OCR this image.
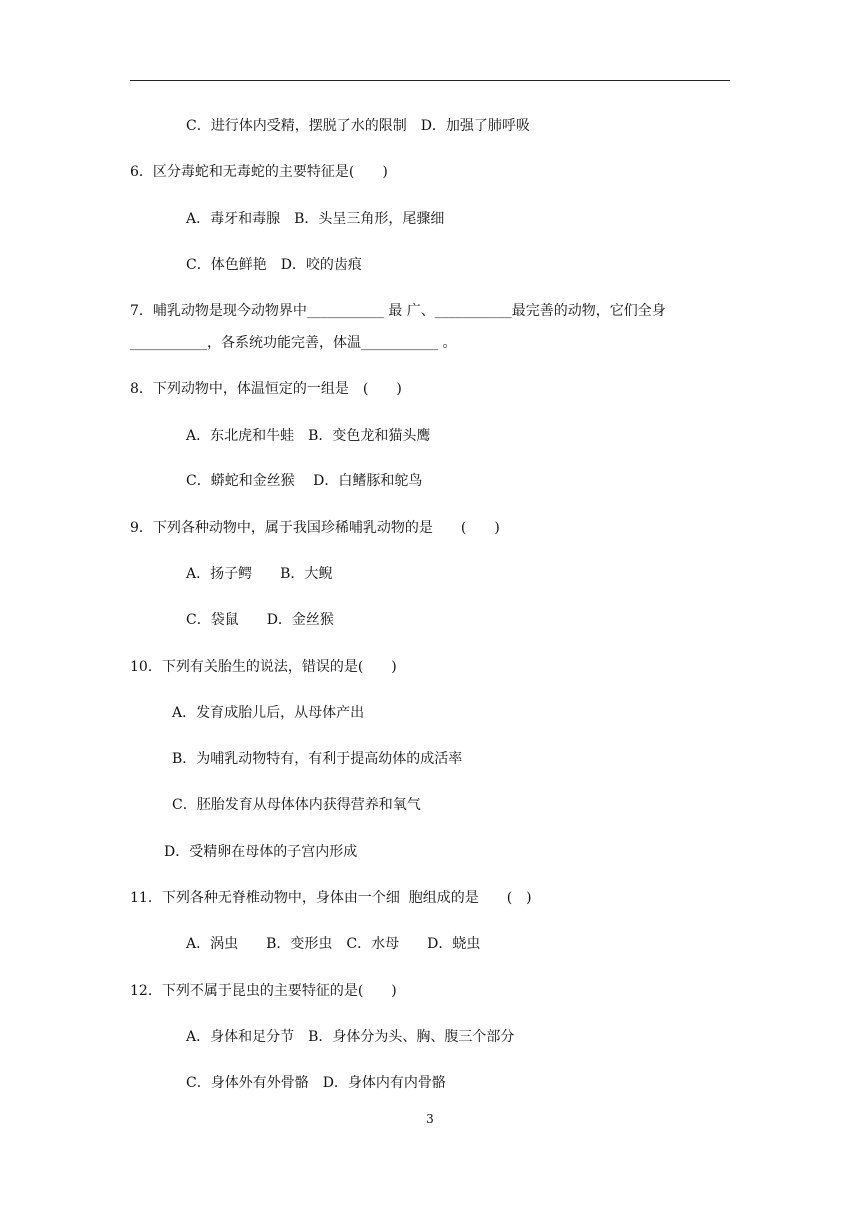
C．进行体内受精，摆脱了水的限制　D．加强了肺呼吸
6．区分毒蛇和无毒蛇的主要特征是(　　)
A．毒牙和毒腺　B．头呈三角形，尾骤细
C．体色鲜艳　D．咬的齿痕
7．哺乳动物是现今动物界中___________ 最 广、___________最完善的动物，它们全身
___________，各系统功能完善，体温___________ 。
8．下列动物中，体温恒定的一组是　(　　)
A．东北虎和牛蛙　B．变色龙和猫头鹰
C．蟒蛇和金丝猴　 D．白鳍豚和鸵鸟
9．下列各种动物中，属于我国珍稀哺乳动物的是　　(　　)
A．扬子鳄　　B．大鲵
C．袋鼠　　D．金丝猴
10．下列有关胎生的说法，错误的是(　　)
A．发育成胎儿后，从母体产出
B．为哺乳动物特有，有利于提高幼体的成活率
C．胚胎发育从母体体内获得营养和氧气
D．受精卵在母体的子宫内形成
11．下列各种无脊椎动物中，身体由一个细  胞组成的是　　(　)
A．涡虫　　B．变形虫　C．水母　　D．蛲虫
12．下列不属于昆虫的主要特征的是(　　)
A．身体和足分节　B．身体分为头、胸、腹三个部分
C．身体外有外骨骼　D．身体内有内骨骼
3
